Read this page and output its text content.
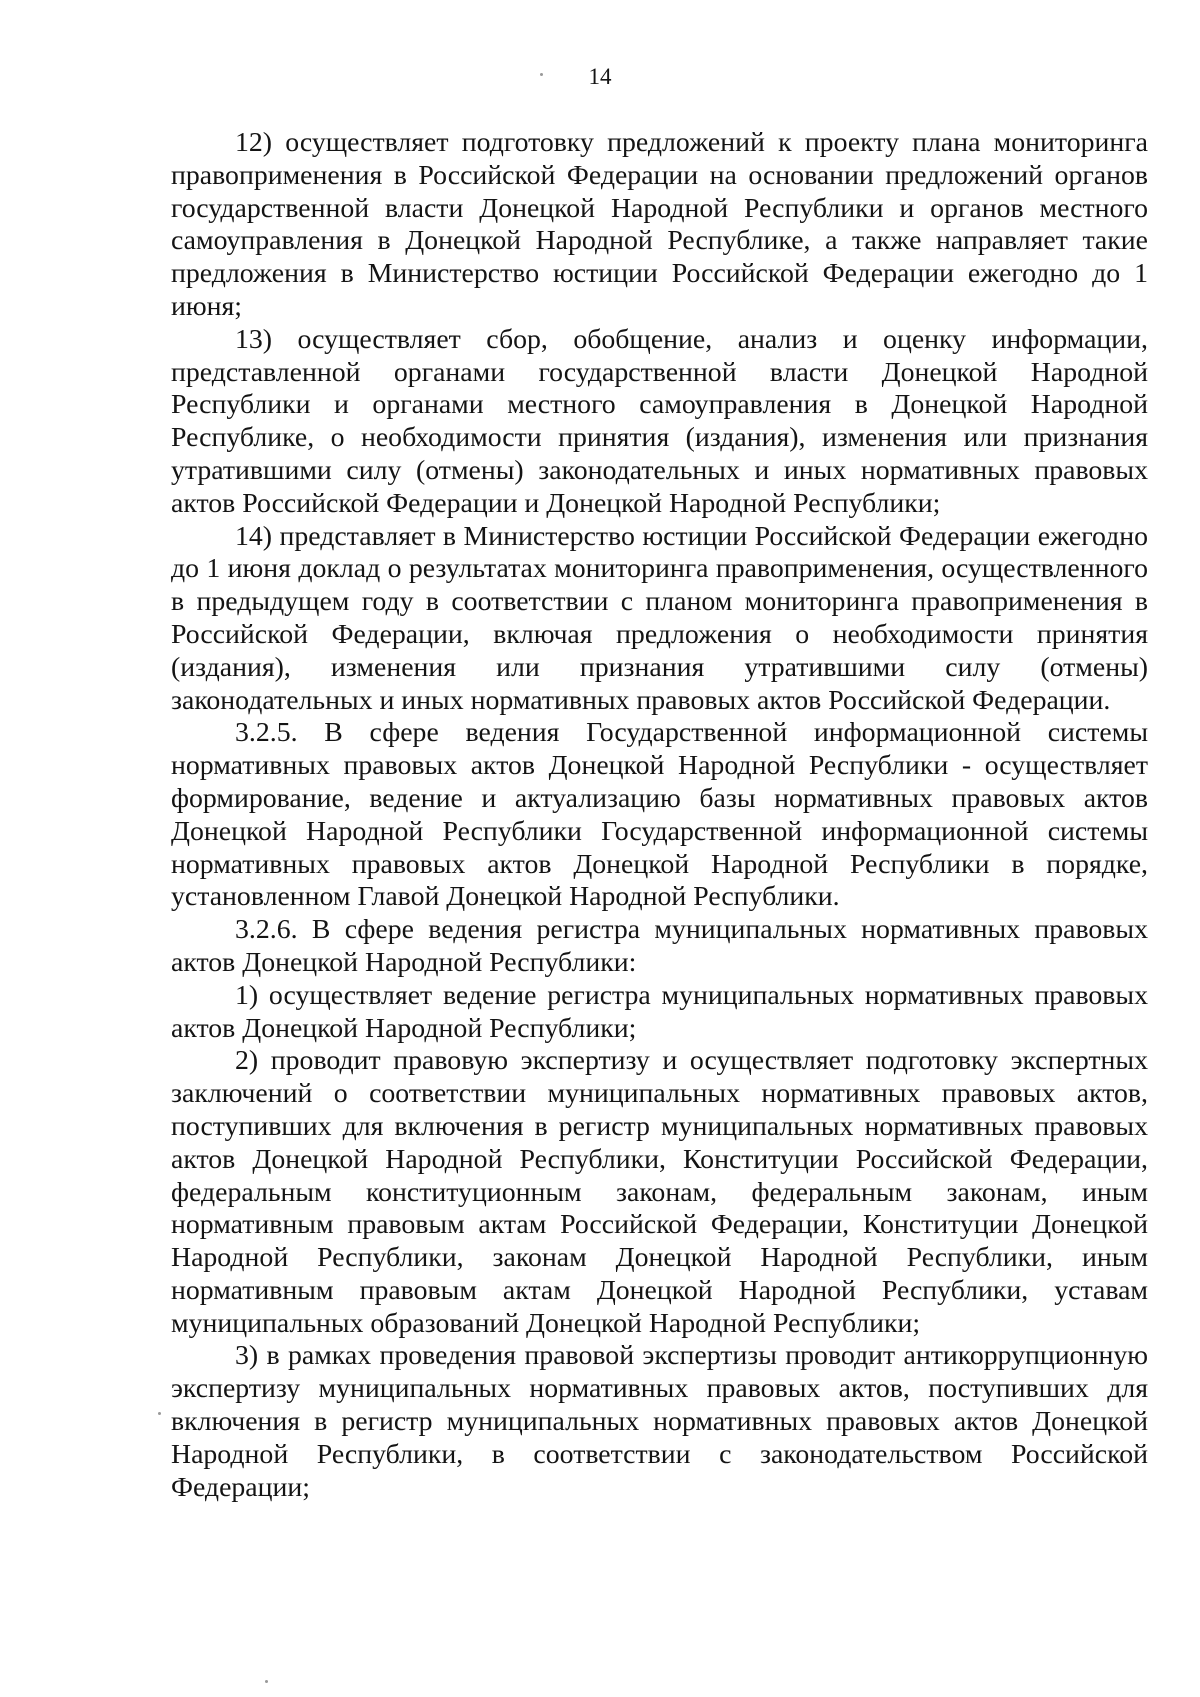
14

12) осуществляет подготовку предложений к проекту плана мониторинга правоприменения в Российской Федерации на основании предложений органов государственной власти Донецкой Народной Республики и органов местного самоуправления в Донецкой Народной Республике, а также направляет такие предложения в Министерство юстиции Российской Федерации ежегодно до 1 июня;

13) осуществляет сбор, обобщение, анализ и оценку информации, представленной органами государственной власти Донецкой Народной Республики и органами местного самоуправления в Донецкой Народной Республике, о необходимости принятия (издания), изменения или признания утратившими силу (отмены) законодательных и иных нормативных правовых актов Российской Федерации и Донецкой Народной Республики;

14) представляет в Министерство юстиции Российской Федерации ежегодно до 1 июня доклад о результатах мониторинга правоприменения, осуществленного в предыдущем году в соответствии с планом мониторинга правоприменения в Российской Федерации, включая предложения о необходимости принятия (издания), изменения или признания утратившими силу (отмены) законодательных и иных нормативных правовых актов Российской Федерации.

3.2.5. В сфере ведения Государственной информационной системы нормативных правовых актов Донецкой Народной Республики - осуществляет формирование, ведение и актуализацию базы нормативных правовых актов Донецкой Народной Республики Государственной информационной системы нормативных правовых актов Донецкой Народной Республики в порядке, установленном Главой Донецкой Народной Республики.

3.2.6. В сфере ведения регистра муниципальных нормативных правовых актов Донецкой Народной Республики:

1) осуществляет ведение регистра муниципальных нормативных правовых актов Донецкой Народной Республики;

2) проводит правовую экспертизу и осуществляет подготовку экспертных заключений о соответствии муниципальных нормативных правовых актов, поступивших для включения в регистр муниципальных нормативных правовых актов Донецкой Народной Республики, Конституции Российской Федерации, федеральным конституционным законам, федеральным законам, иным нормативным правовым актам Российской Федерации, Конституции Донецкой Народной Республики, законам Донецкой Народной Республики, иным нормативным правовым актам Донецкой Народной Республики, уставам муниципальных образований Донецкой Народной Республики;

3) в рамках проведения правовой экспертизы проводит антикоррупционную экспертизу муниципальных нормативных правовых актов, поступивших для включения в регистр муниципальных нормативных правовых актов Донецкой Народной Республики, в соответствии с законодательством Российской Федерации;
